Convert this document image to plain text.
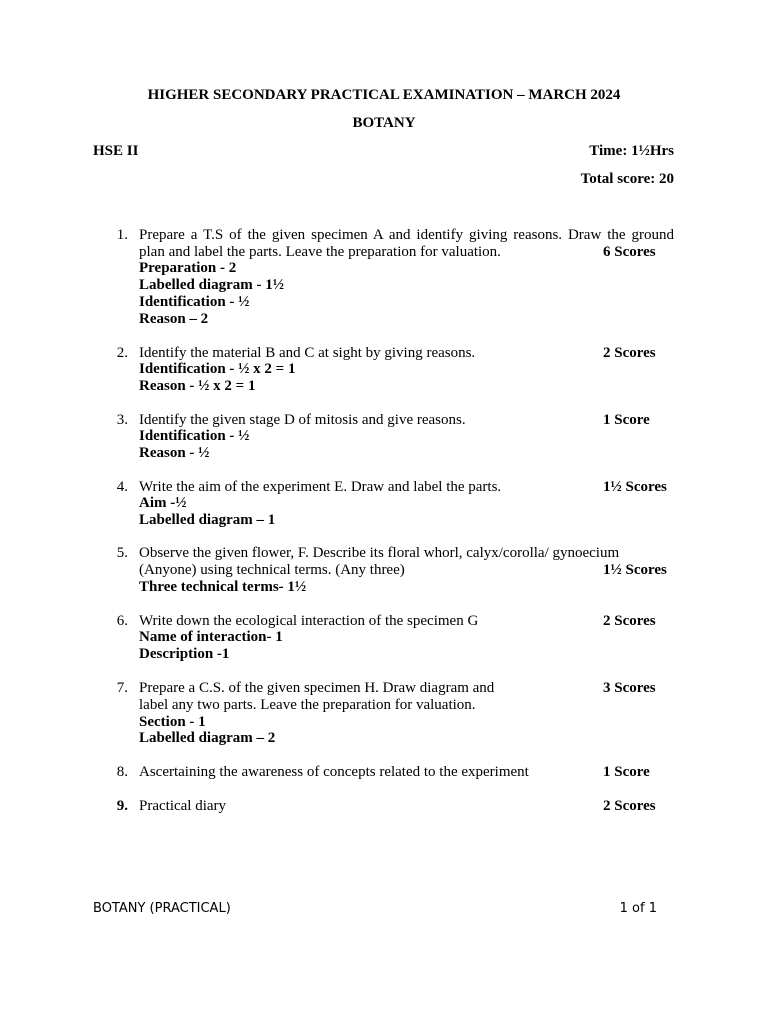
HIGHER SECONDARY PRACTICAL EXAMINATION – MARCH 2024
BOTANY
HSE II	Time: 1½Hrs
Total score: 20
1. Prepare a T.S of the given specimen A and identify giving reasons. Draw the ground
plan and label the parts. Leave the preparation for valuation.	6 Scores
Preparation - 2
Labelled diagram - 1½
Identification - ½
Reason – 2
2. Identify the material B and C at sight by giving reasons.	2 Scores
Identification - ½ x 2 = 1
Reason - ½ x 2 = 1
3. Identify the given stage D of mitosis and give reasons.	1 Score
Identification - ½
Reason - ½
4. Write the aim of the experiment E. Draw and label the parts.	1½ Scores
Aim -½
Labelled diagram – 1
5. Observe the given flower, F. Describe its floral whorl, calyx/corolla/ gynoecium
(Anyone) using technical terms. (Any three)	1½ Scores
Three technical terms- 1½
6. Write down the ecological interaction of the specimen G	2 Scores
Name of interaction- 1
Description -1
7. Prepare a C.S. of the given specimen H. Draw diagram and	3 Scores
label any two parts. Leave the preparation for valuation.
Section - 1
Labelled diagram – 2
8. Ascertaining the awareness of concepts related to the experiment	1 Score
9. Practical diary	2 Scores
BOTANY (PRACTICAL)	1 of 1
